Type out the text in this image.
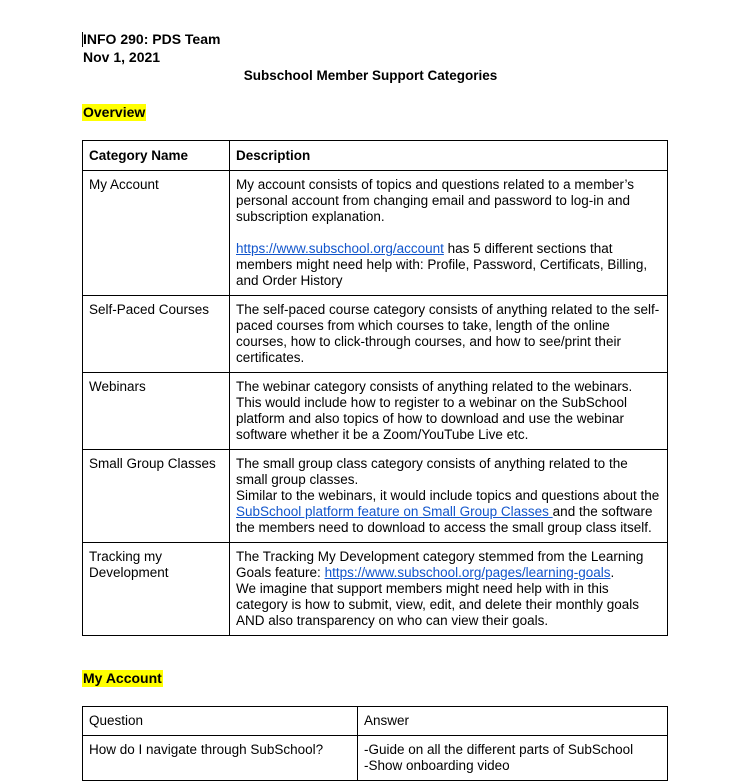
INFO 290: PDS Team
Nov 1, 2021
Subschool Member Support Categories
Overview
Category Name	Description
My Account	My account consists of topics and questions related to a member’s personal account from changing email and password to log-in and subscription explanation.
https://www.subschool.org/account has 5 different sections that members might need help with: Profile, Password, Certificats, Billing, and Order History

Self-Paced Courses	The self-paced course category consists of anything related to the self-paced courses from which courses to take, length of the online courses, how to click-through courses, and how to see/print their certificates.
Webinars	The webinar category consists of anything related to the webinars. This would include how to register to a webinar on the SubSchool platform and also topics of how to download and use the webinar software whether it be a Zoom/YouTube Live etc.
Small Group Classes	The small group class category consists of anything related to the small group classes.
Similar to the webinars, it would include topics and questions about the SubSchool platform feature on Small Group Classes and the software the members need to download to access the small group class itself.

Tracking my Development	The Tracking My Development category stemmed from the Learning Goals feature: https://www.subschool.org/pages/learning-goals.
We imagine that support members might need help with in this category is how to submit, view, edit, and delete their monthly goals AND also transparency on who can view their goals.
My Account
Question	Answer
How do I navigate through SubSchool?	-Guide on all the different parts of SubSchool
-Show onboarding video
